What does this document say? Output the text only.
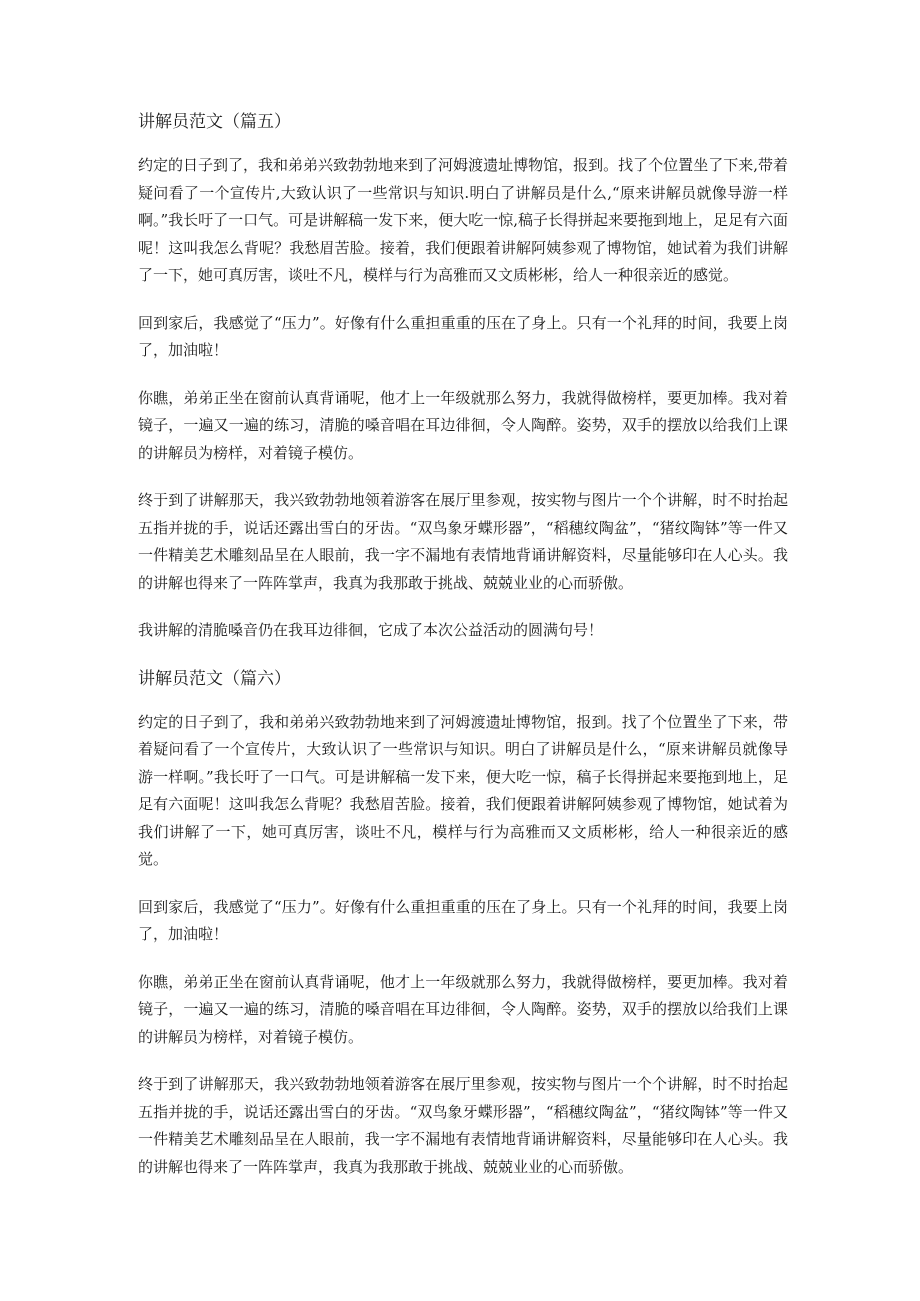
讲解员范文（篇五）

约定的日子到了，我和弟弟兴致勃勃地来到了河姆渡遗址博物馆，报到。找了个位置坐了下来,带着疑问看了一个宣传片,大致认识了一些常识与知识.明白了讲解员是什么,“原来讲解员就像导游一样啊。”我长吁了一口气。可是讲解稿一发下来，便大吃一惊,稿子长得拼起来要拖到地上，足足有六面呢！这叫我怎么背呢？我愁眉苦脸。接着，我们便跟着讲解阿姨参观了博物馆，她试着为我们讲解了一下，她可真厉害，谈吐不凡，模样与行为高雅而又文质彬彬，给人一种很亲近的感觉。

回到家后，我感觉了“压力”。好像有什么重担重重的压在了身上。只有一个礼拜的时间，我要上岗了，加油啦！

你瞧，弟弟正坐在窗前认真背诵呢，他才上一年级就那么努力，我就得做榜样，要更加棒。我对着镜子，一遍又一遍的练习，清脆的嗓音唱在耳边徘徊，令人陶醉。姿势，双手的摆放以给我们上课的讲解员为榜样，对着镜子模仿。

终于到了讲解那天，我兴致勃勃地领着游客在展厅里参观，按实物与图片一个个讲解，时不时抬起五指并拢的手，说话还露出雪白的牙齿。“双鸟象牙蝶形器”，“稻穗纹陶盆”，“猪纹陶钵”等一件又一件精美艺术雕刻品呈在人眼前，我一字不漏地有表情地背诵讲解资料，尽量能够印在人心头。我的讲解也得来了一阵阵掌声，我真为我那敢于挑战、兢兢业业的心而骄傲。

我讲解的清脆嗓音仍在我耳边徘徊，它成了本次公益活动的圆满句号！

讲解员范文（篇六）

约定的日子到了，我和弟弟兴致勃勃地来到了河姆渡遗址博物馆，报到。找了个位置坐了下来，带着疑问看了一个宣传片，大致认识了一些常识与知识。明白了讲解员是什么，“原来讲解员就像导游一样啊。”我长吁了一口气。可是讲解稿一发下来，便大吃一惊，稿子长得拼起来要拖到地上，足足有六面呢！这叫我怎么背呢？我愁眉苦脸。接着，我们便跟着讲解阿姨参观了博物馆，她试着为我们讲解了一下，她可真厉害，谈吐不凡，模样与行为高雅而又文质彬彬，给人一种很亲近的感觉。

回到家后，我感觉了“压力”。好像有什么重担重重的压在了身上。只有一个礼拜的时间，我要上岗了，加油啦！

你瞧，弟弟正坐在窗前认真背诵呢，他才上一年级就那么努力，我就得做榜样，要更加棒。我对着镜子，一遍又一遍的练习，清脆的嗓音唱在耳边徘徊，令人陶醉。姿势，双手的摆放以给我们上课的讲解员为榜样，对着镜子模仿。

终于到了讲解那天，我兴致勃勃地领着游客在展厅里参观，按实物与图片一个个讲解，时不时抬起五指并拢的手，说话还露出雪白的牙齿。“双鸟象牙蝶形器”，“稻穗纹陶盆”，“猪纹陶钵”等一件又一件精美艺术雕刻品呈在人眼前，我一字不漏地有表情地背诵讲解资料，尽量能够印在人心头。我的讲解也得来了一阵阵掌声，我真为我那敢于挑战、兢兢业业的心而骄傲。
